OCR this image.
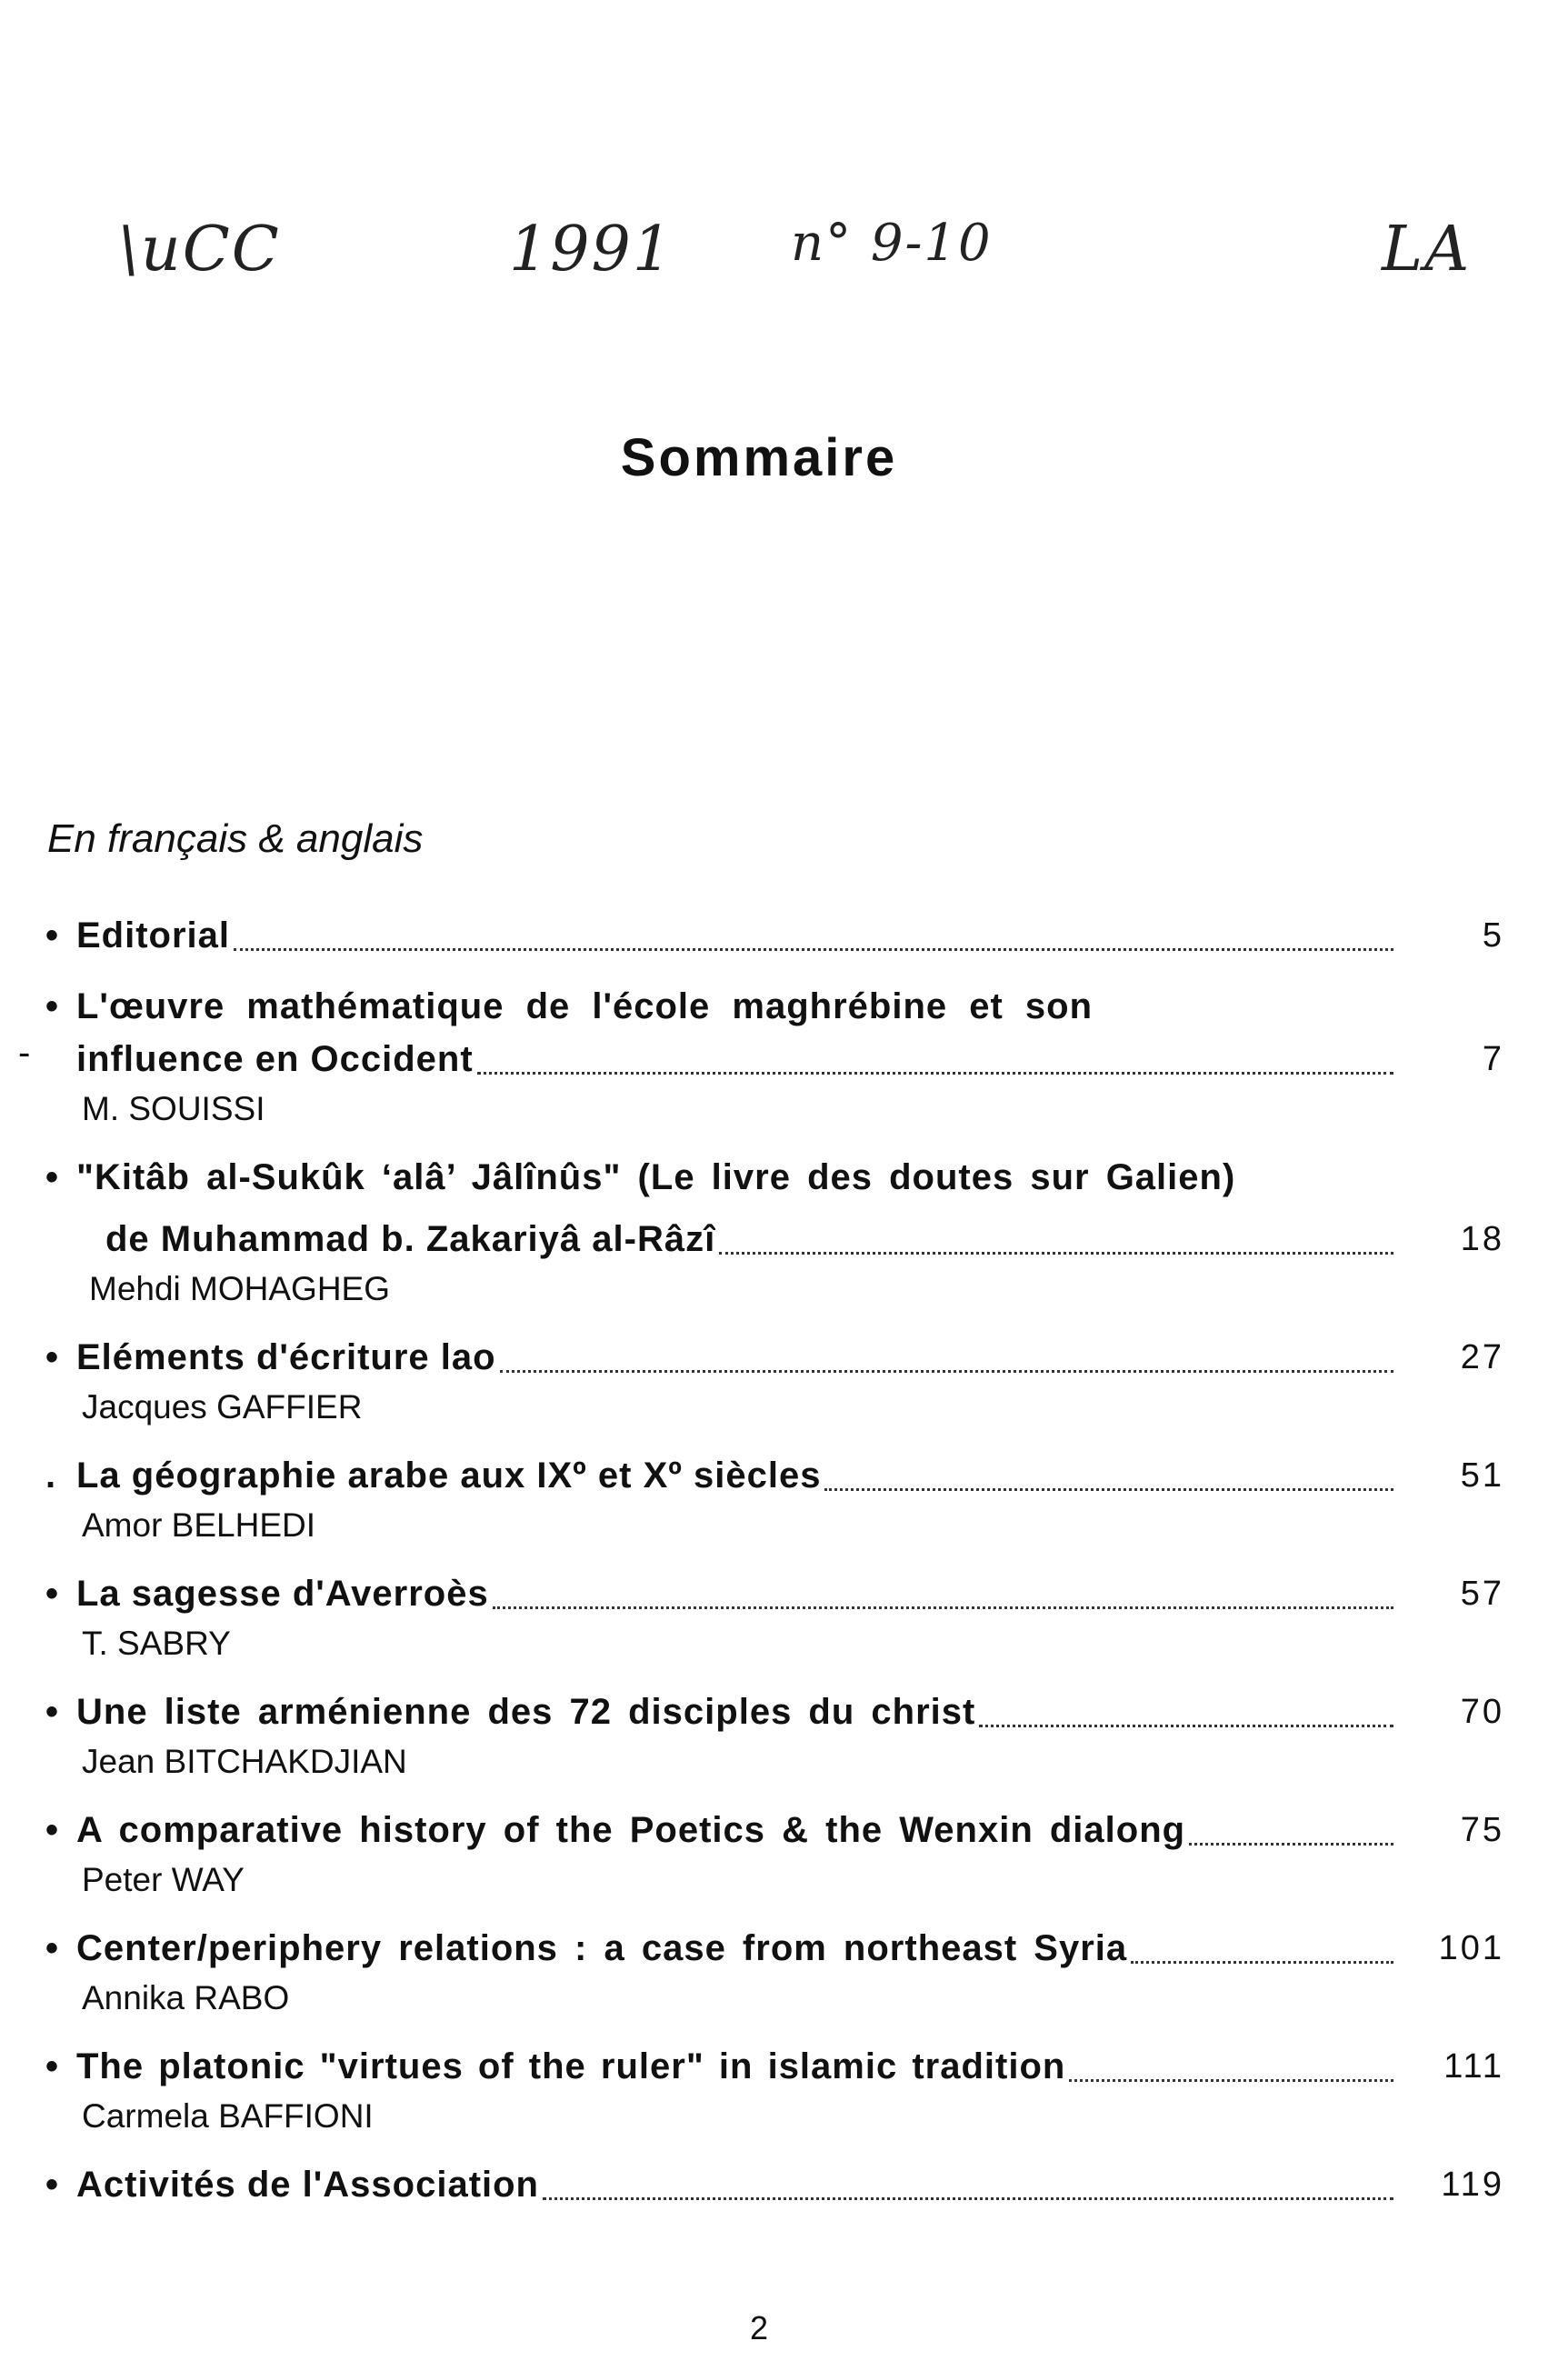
\uCC	1991 n° 9-10	LA
Sommaire
En français & anglais
• Editorial	5
-
• L'œuvre mathématique de l'école maghrébine et son
influence en Occident	7
M. SOUISSI
• "Kitâb al-Sukûk ‘alâ’ Jâlînûs" (Le livre des doutes sur Galien)
de Muhammad b. Zakariyâ al-Râzî	18
Mehdi MOHAGHEG
• Eléments d'écriture lao	27
Jacques GAFFIER
. La géographie arabe aux IXº et Xº siècles	51
Amor BELHEDI
• La sagesse d'Averroès	57
T. SABRY
• Une liste arménienne des 72 disciples du christ	70
Jean BITCHAKDJIAN
• A comparative history of the Poetics & the Wenxin dialong	75
Peter WAY
• Center/periphery relations : a case from northeast Syria	101
Annika RABO
• The platonic "virtues of the ruler" in islamic tradition	111
Carmela BAFFIONI
• Activités de l'Association	119
2
